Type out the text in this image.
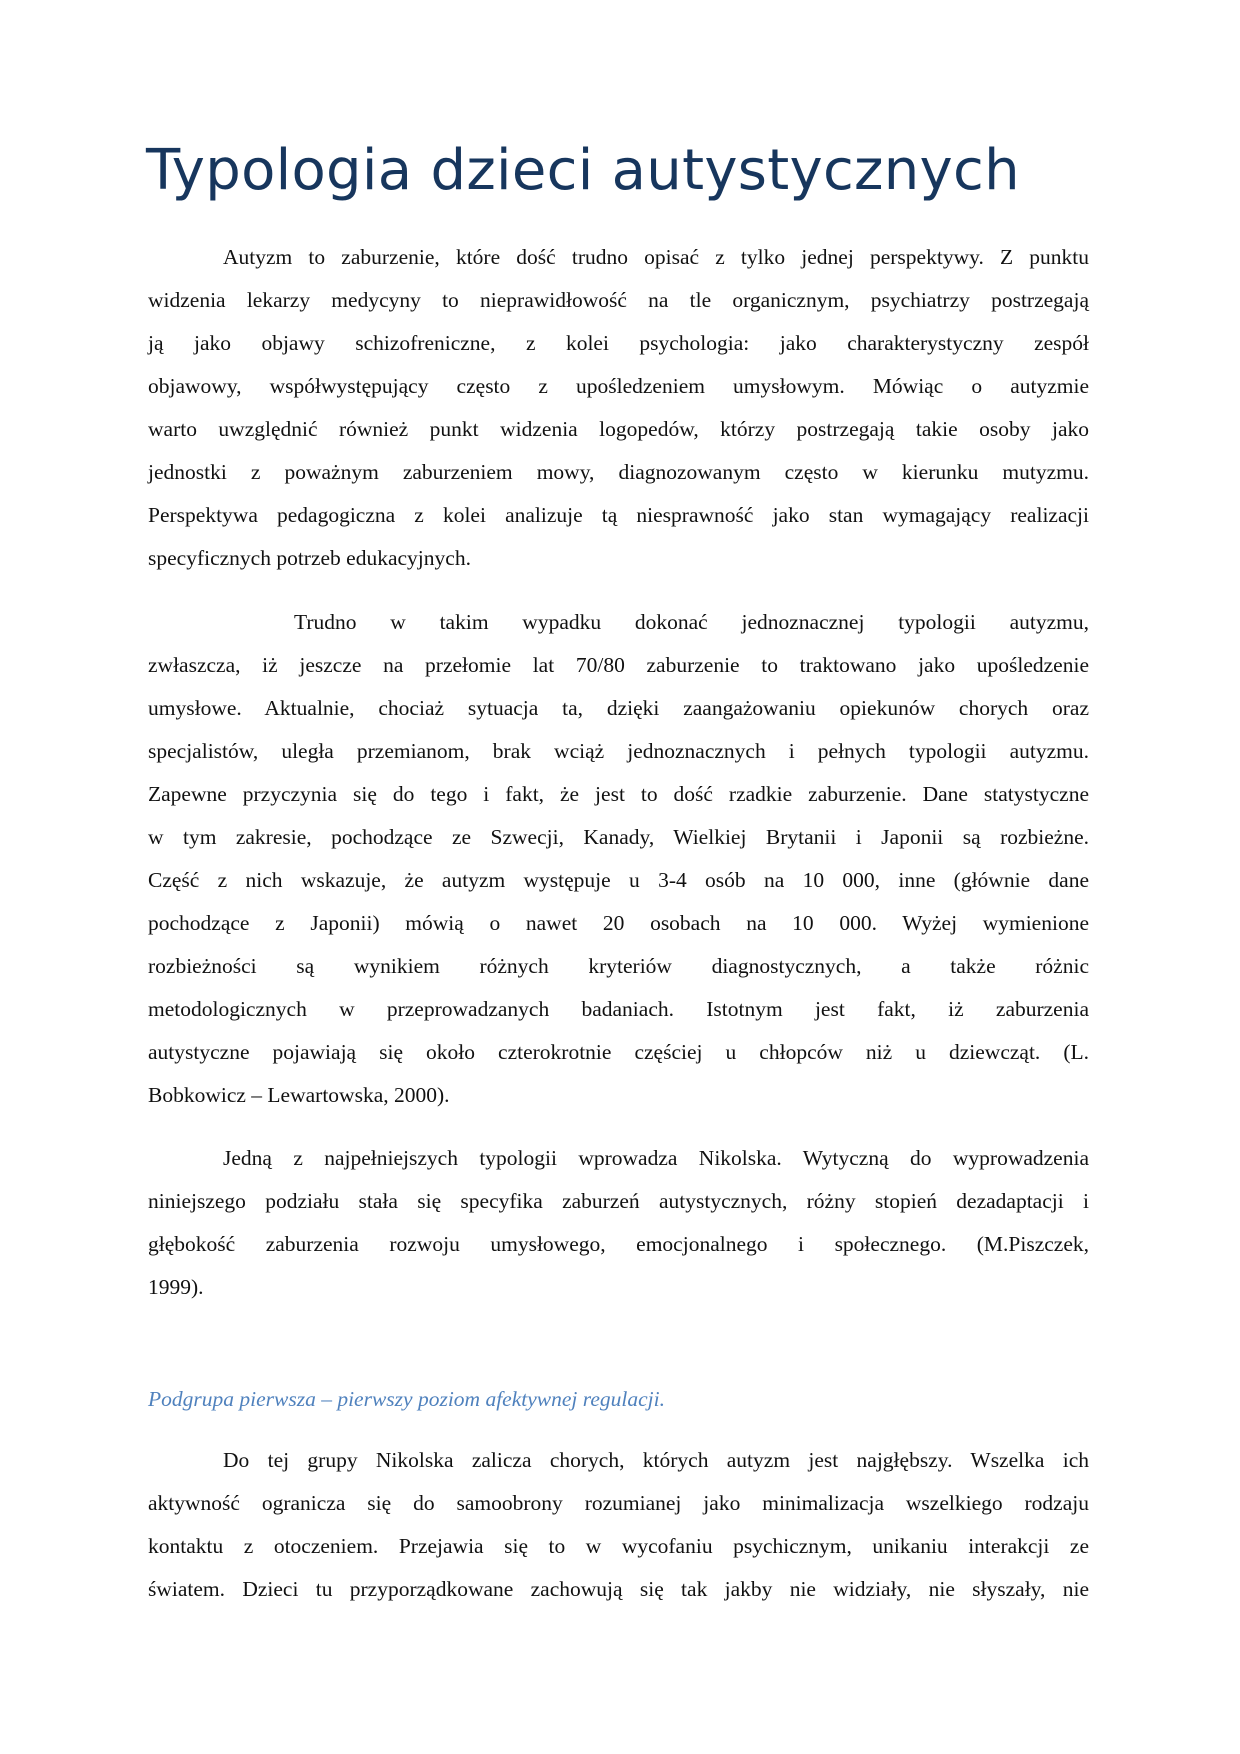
Typologia dzieci autystycznych
Autyzm to zaburzenie, które dość trudno opisać z tylko jednej perspektywy. Z punktu
widzenia lekarzy medycyny to nieprawidłowość na tle organicznym, psychiatrzy postrzegają
ją jako objawy schizofreniczne, z kolei psychologia: jako charakterystyczny zespół
objawowy, współwystępujący często z upośledzeniem umysłowym. Mówiąc o autyzmie
warto uwzględnić również punkt widzenia logopedów, którzy postrzegają takie osoby jako
jednostki z poważnym zaburzeniem mowy, diagnozowanym często w kierunku mutyzmu.
Perspektywa pedagogiczna z kolei analizuje tą niesprawność jako stan wymagający realizacji
specyficznych potrzeb edukacyjnych.
Trudno w takim wypadku dokonać jednoznacznej typologii autyzmu,
zwłaszcza, iż jeszcze na przełomie lat 70/80 zaburzenie to traktowano jako upośledzenie
umysłowe. Aktualnie, chociaż sytuacja ta, dzięki zaangażowaniu opiekunów chorych oraz
specjalistów, uległa przemianom, brak wciąż jednoznacznych i pełnych typologii autyzmu.
Zapewne przyczynia się do tego i fakt, że jest to dość rzadkie zaburzenie. Dane statystyczne
w tym zakresie, pochodzące ze Szwecji, Kanady, Wielkiej Brytanii i Japonii są rozbieżne.
Część z nich wskazuje, że autyzm występuje u 3-4 osób na 10 000, inne (głównie dane
pochodzące z Japonii) mówią o nawet 20 osobach na 10 000. Wyżej wymienione
rozbieżności są wynikiem różnych kryteriów diagnostycznych, a także różnic
metodologicznych w przeprowadzanych badaniach. Istotnym jest fakt, iż zaburzenia
autystyczne pojawiają się około czterokrotnie częściej u chłopców niż u dziewcząt. (L.
Bobkowicz – Lewartowska, 2000).
Jedną z najpełniejszych typologii wprowadza Nikolska. Wytyczną do wyprowadzenia
niniejszego podziału stała się specyfika zaburzeń autystycznych, różny stopień dezadaptacji i
głębokość zaburzenia rozwoju umysłowego, emocjonalnego i społecznego. (M.Piszczek,
1999).
Podgrupa pierwsza – pierwszy poziom afektywnej regulacji.
Do tej grupy Nikolska zalicza chorych, których autyzm jest najgłębszy. Wszelka ich
aktywność ogranicza się do samoobrony rozumianej jako minimalizacja wszelkiego rodzaju
kontaktu z otoczeniem. Przejawia się to w wycofaniu psychicznym, unikaniu interakcji ze
światem. Dzieci tu przyporządkowane zachowują się tak jakby nie widziały, nie słyszały, nie
